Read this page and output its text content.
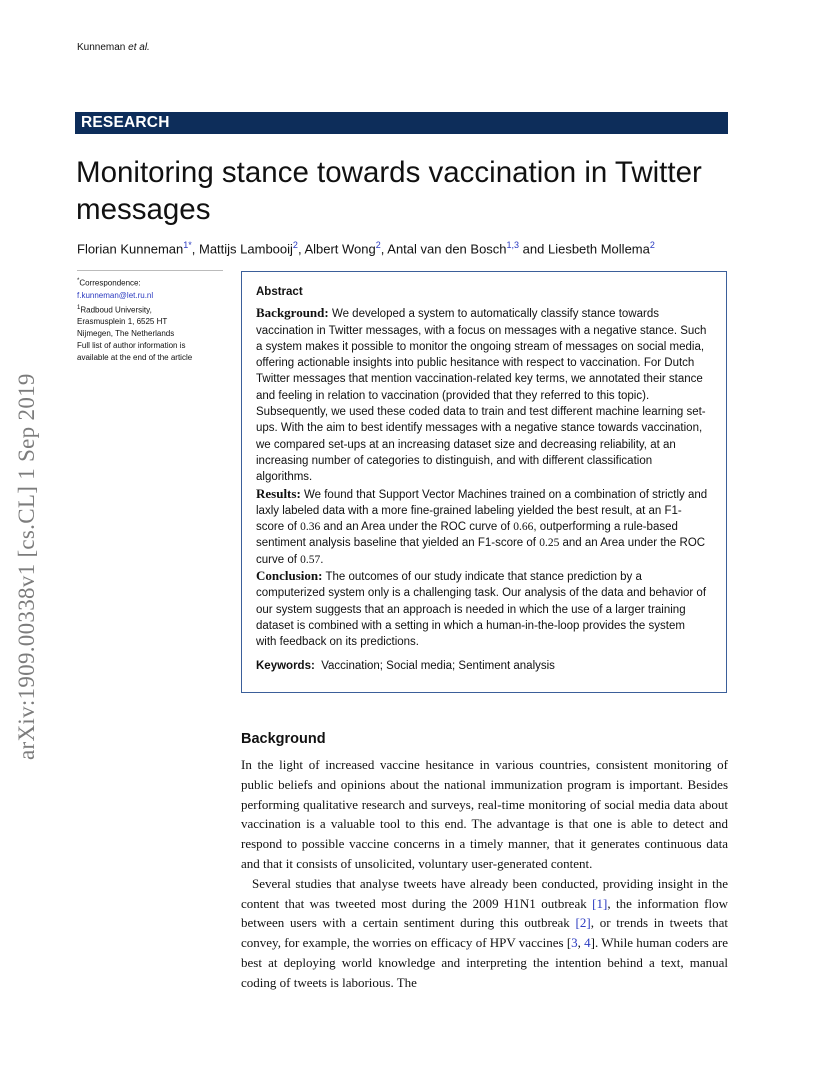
Kunneman et al.
RESEARCH
Monitoring stance towards vaccination in Twitter messages
Florian Kunneman$^{1*}$, Mattijs Lambooij$^2$, Albert Wong$^2$, Antal van den Bosch$^{1,3}$ and Liesbeth Mollema$^2$
arXiv:1909.00338v1 [cs.CL] 1 Sep 2019
*Correspondence:
f.kunneman@let.ru.nl
$^1$Radboud University,
Erasmusplein 1, 6525 HT
Nijmegen, The Netherlands
Full list of author information is
available at the end of the article
Abstract

Background: We developed a system to automatically classify stance towards vaccination in Twitter messages, with a focus on messages with a negative stance. Such a system makes it possible to monitor the ongoing stream of messages on social media, offering actionable insights into public hesitance with respect to vaccination. For Dutch Twitter messages that mention vaccination-related key terms, we annotated their stance and feeling in relation to vaccination (provided that they referred to this topic). Subsequently, we used these coded data to train and test different machine learning set-ups. With the aim to best identify messages with a negative stance towards vaccination, we compared set-ups at an increasing dataset size and decreasing reliability, at an increasing number of categories to distinguish, and with different classification algorithms.

Results: We found that Support Vector Machines trained on a combination of strictly and laxly labeled data with a more fine-grained labeling yielded the best result, at an F1-score of 0.36 and an Area under the ROC curve of 0.66, outperforming a rule-based sentiment analysis baseline that yielded an F1-score of 0.25 and an Area under the ROC curve of 0.57.

Conclusion: The outcomes of our study indicate that stance prediction by a computerized system only is a challenging task. Our analysis of the data and behavior of our system suggests that an approach is needed in which the use of a larger training dataset is combined with a setting in which a human-in-the-loop provides the system with feedback on its predictions.

Keywords: Vaccination; Social media; Sentiment analysis
Background

In the light of increased vaccine hesitance in various countries, consistent monitoring of public beliefs and opinions about the national immunization program is important. Besides performing qualitative research and surveys, real-time monitoring of social media data about vaccination is a valuable tool to this end. The advantage is that one is able to detect and respond to possible vaccine concerns in a timely manner, that it generates continuous data and that it consists of unsolicited, voluntary user-generated content.

Several studies that analyse tweets have already been conducted, providing insight in the content that was tweeted most during the 2009 H1N1 outbreak [1], the information flow between users with a certain sentiment during this outbreak [2], or trends in tweets that convey, for example, the worries on efficacy of HPV vaccines [3, 4]. While human coders are best at deploying world knowledge and interpreting the intention behind a text, manual coding of tweets is laborious. The
